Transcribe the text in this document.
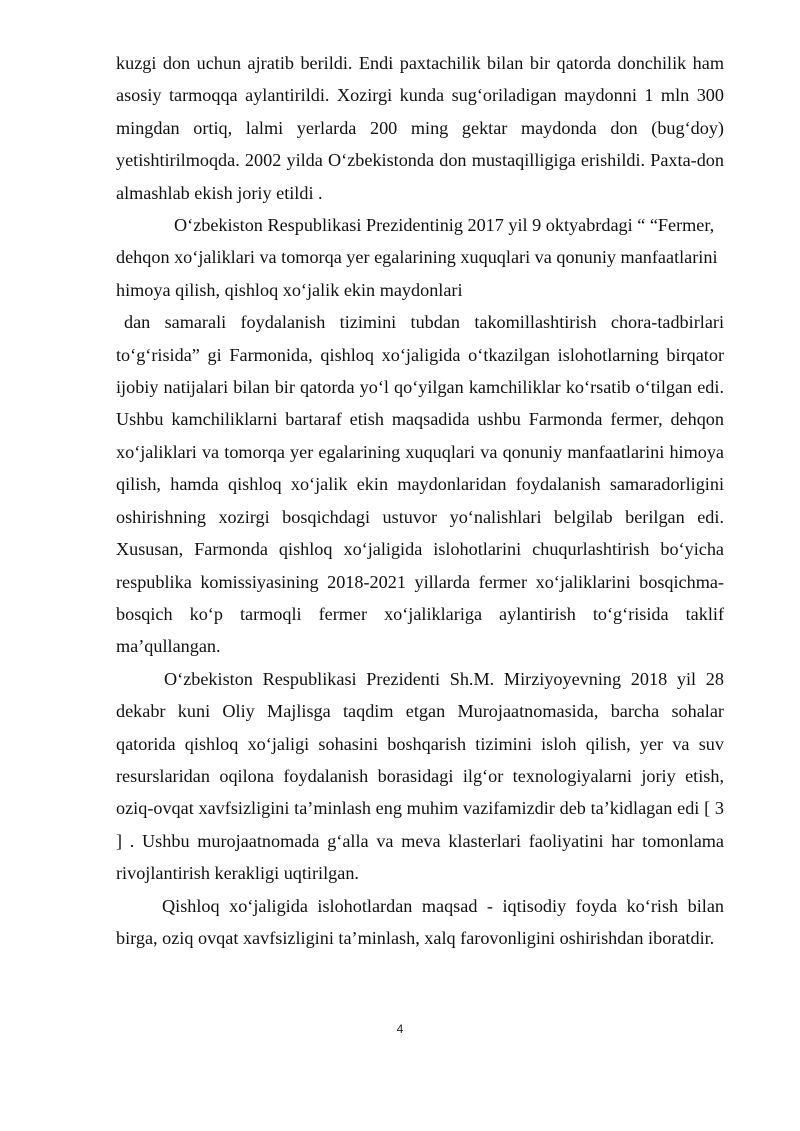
kuzgi don uchun ajratib berildi. Endi paxtachilik bilan bir qatorda donchilik ham asosiy tarmoqqa aylantirildi. Xozirgi kunda sug‘oriladigan maydonni 1 mln 300 mingdan ortiq, lalmi yerlarda 200 ming gektar maydonda don (bug‘doy) yetishtirilmoqda. 2002 yilda O‘zbekistonda don mustaqilligiga erishildi. Paxta-don almashlab ekish joriy etildi .

O‘zbekiston Respublikasi Prezidentinig 2017 yil 9 oktyabrdagi “ “Fermer, dehqon xo‘jaliklari va tomorqa yer egalarining xuquqlari va qonuniy manfaatlarini himoya qilish, qishloq xo‘jalik ekin maydonlari

dan samarali foydalanish tizimini tubdan takomillashtirish chora-tadbirlari to‘g‘risida” gi Farmonida, qishloq xo‘jaligida o‘tkazilgan islohotlarning birqator ijobiy natijalari bilan bir qatorda yo‘l qo‘yilgan kamchiliklar ko‘rsatib o‘tilgan edi. Ushbu kamchiliklarni bartaraf etish maqsadida ushbu Farmonda fermer, dehqon xo‘jaliklari va tomorqa yer egalarining xuquqlari va qonuniy manfaatlarini himoya qilish, hamda qishloq xo‘jalik ekin maydonlaridan foydalanish samaradorligini oshirishning xozirgi bosqichdagi ustuvor yo‘nalishlari belgilab berilgan edi. Xususan, Farmonda qishloq xo‘jaligida islohotlarini chuqurlashtirish bo‘yicha respublika komissiyasining 2018-2021 yillarda fermer xo‘jaliklarini bosqichma-bosqich ko‘p tarmoqli fermer xo‘jaliklariga aylantirish to‘g‘risida taklif ma’qullangan.

O‘zbekiston Respublikasi Prezidenti Sh.M. Mirziyoyevning 2018 yil 28 dekabr kuni Oliy Majlisga taqdim etgan Murojaatnomasida, barcha sohalar qatorida qishloq xo‘jaligi sohasini boshqarish tizimini isloh qilish, yer va suv resurslaridan oqilona foydalanish borasidagi ilg‘or texnologiyalarni joriy etish, oziq-ovqat xavfsizligini ta’minlash eng muhim vazifamizdir deb ta’kidlagan edi [ 3 ] . Ushbu murojaatnomada g‘alla va meva klasterlari faoliyatini har tomonlama rivojlantirish kerakligi uqtirilgan.

Qishloq xo‘jaligida islohotlardan maqsad - iqtisodiy foyda ko‘rish bilan birga, oziq ovqat xavfsizligini ta’minlash, xalq farovonligini oshirishdan iboratdir.

4
